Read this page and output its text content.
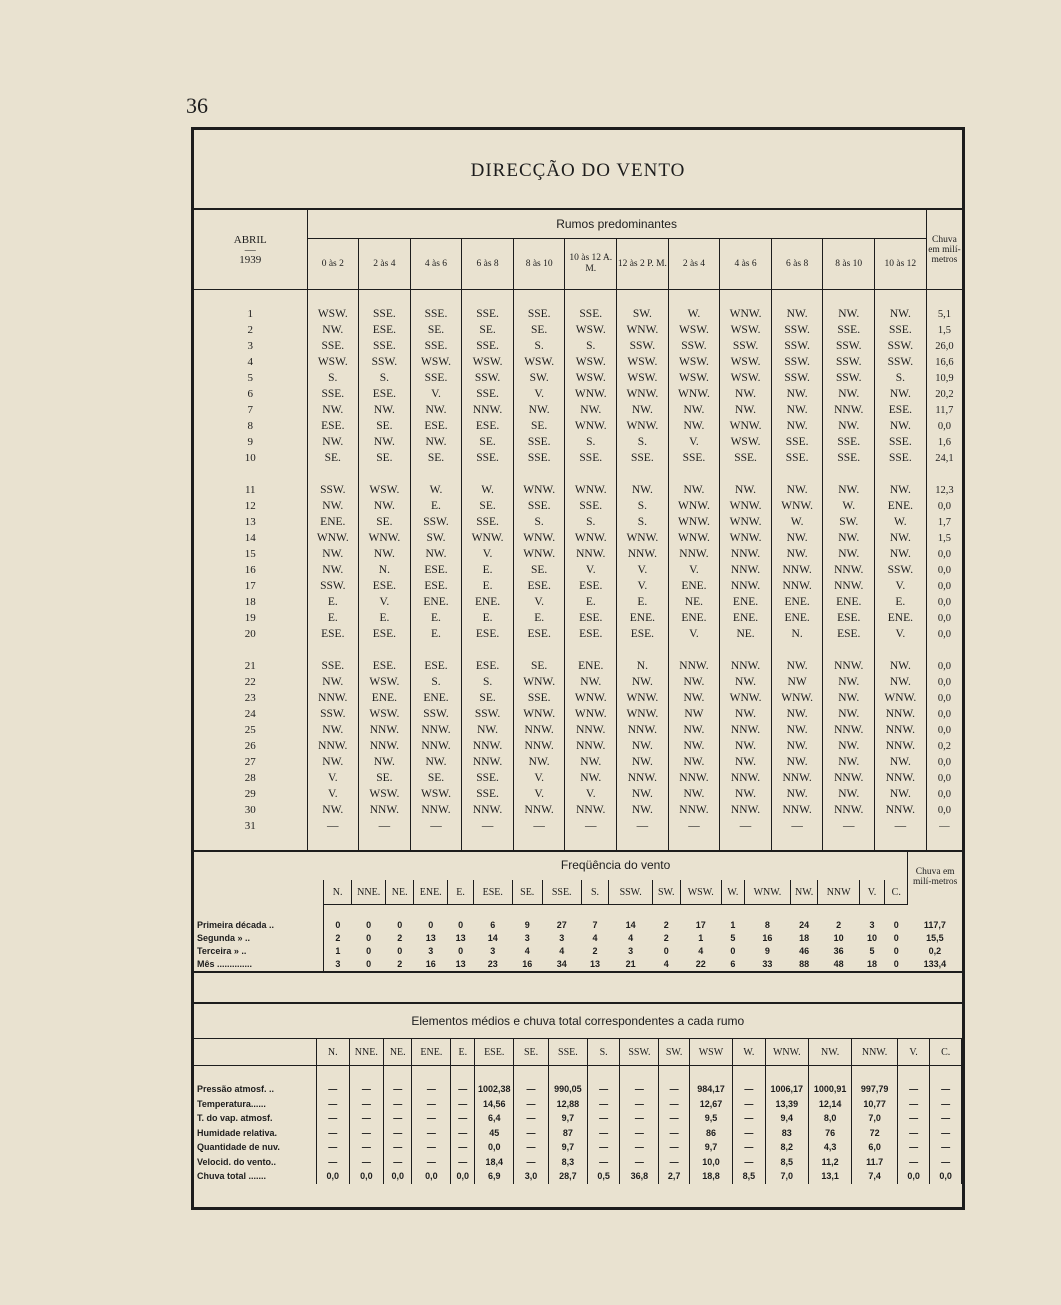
36
DIRECÇÃO DO VENTO
ABRIL
—
1939	Rumos predominantes												Chuva em milí-metros
	0 às 2	2 às 4	4 às 6	6 às 8	8 às 10	10 às 12 A. M.	12 às 2 P. M.	2 às 4	4 às 6	6 às 8	8 às 10	10 às 12	

1	WSW.	SSE.	SSE.	SSE.	SSE.	SSE.	SW.	W.	WNW.	NW.	NW.	NW.	5,1
2	NW.	ESE.	SE.	SE.	SE.	WSW.	WNW.	WSW.	WSW.	SSW.	SSE.	SSE.	1,5
3	SSE.	SSE.	SSE.	SSE.	S.	S.	SSW.	SSW.	SSW.	SSW.	SSW.	SSW.	26,0
4	WSW.	SSW.	WSW.	WSW.	WSW.	WSW.	WSW.	WSW.	WSW.	SSW.	SSW.	SSW.	16,6
5	S.	S.	SSE.	SSW.	SW.	WSW.	WSW.	WSW.	WSW.	SSW.	SSW.	S.	10,9
6	SSE.	ESE.	V.	SSE.	V.	WNW.	WNW.	WNW.	NW.	NW.	NW.	NW.	20,2
7	NW.	NW.	NW.	NNW.	NW.	NW.	NW.	NW.	NW.	NW.	NNW.	ESE.	11,7
8	ESE.	SE.	ESE.	ESE.	SE.	WNW.	WNW.	NW.	WNW.	NW.	NW.	NW.	0,0
9	NW.	NW.	NW.	SE.	SSE.	S.	S.	V.	WSW.	SSE.	SSE.	SSE.	1,6
10	SE.	SE.	SE.	SSE.	SSE.	SSE.	SSE.	SSE.	SSE.	SSE.	SSE.	SSE.	24,1

11	SSW.	WSW.	W.	W.	WNW.	WNW.	NW.	NW.	NW.	NW.	NW.	NW.	12,3
12	NW.	NW.	E.	SE.	SSE.	SSE.	S.	WNW.	WNW.	WNW.	W.	ENE.	0,0
13	ENE.	SE.	SSW.	SSE.	S.	S.	S.	WNW.	WNW.	W.	SW.	W.	1,7
14	WNW.	WNW.	SW.	WNW.	WNW.	WNW.	WNW.	WNW.	WNW.	NW.	NW.	NW.	1,5
15	NW.	NW.	NW.	V.	WNW.	NNW.	NNW.	NNW.	NNW.	NW.	NW.	NW.	0,0
16	NW.	N.	ESE.	E.	SE.	V.	V.	V.	NNW.	NNW.	NNW.	SSW.	0,0
17	SSW.	ESE.	ESE.	E.	ESE.	ESE.	V.	ENE.	NNW.	NNW.	NNW.	V.	0,0
18	E.	V.	ENE.	ENE.	V.	E.	E.	NE.	ENE.	ENE.	ENE.	E.	0,0
19	E.	E.	E.	E.	E.	ESE.	ENE.	ENE.	ENE.	ENE.	ESE.	ENE.	0,0
20	ESE.	ESE.	E.	ESE.	ESE.	ESE.	ESE.	V.	NE.	N.	ESE.	V.	0,0

21	SSE.	ESE.	ESE.	ESE.	SE.	ENE.	N.	NNW.	NNW.	NW.	NNW.	NW.	0,0
22	NW.	WSW.	S.	S.	WNW.	NW.	NW.	NW.	NW.	NW	NW.	NW.	0,0
23	NNW.	ENE.	ENE.	SE.	SSE.	WNW.	WNW.	NW.	WNW.	WNW.	NW.	WNW.	0,0
24	SSW.	WSW.	SSW.	SSW.	WNW.	WNW.	WNW.	NW	NW.	NW.	NW.	NNW.	0,0
25	NW.	NNW.	NNW.	NW.	NNW.	NNW.	NNW.	NW.	NNW.	NW.	NNW.	NNW.	0,0
26	NNW.	NNW.	NNW.	NNW.	NNW.	NNW.	NW.	NW.	NW.	NW.	NW.	NNW.	0,2
27	NW.	NW.	NW.	NNW.	NW.	NW.	NW.	NW.	NW.	NW.	NW.	NW.	0,0
28	V.	SE.	SE.	SSE.	V.	NW.	NNW.	NNW.	NNW.	NNW.	NNW.	NNW.	0,0
29	V.	WSW.	WSW.	SSE.	V.	V.	NW.	NW.	NW.	NW.	NW.	NW.	0,0
30	NW.	NNW.	NNW.	NNW.	NNW.	NNW.	NW.	NNW.	NNW.	NNW.	NNW.	NNW.	0,0
31	—	—	—	—	—	—	—	—	—	—	—	—	—

	Freqüência do vento																		Chuva em milí-metros
	N.	NNE.	NE.	ENE.	E.	ESE.	SE.	SSE.	S.	SSW.	SW.	WSW.	W.	WNW.	NW.	NNW	V.	C.	

Primeira década ..	0	0	0	0	0	6	9	27	7	14	2	17	1	8	24	2	3	0	117,7
Segunda » ..	2	0	2	13	13	14	3	3	4	4	2	1	5	16	18	10	10	0	15,5
Terceira » ..	1	0	0	3	0	3	4	4	2	3	0	4	0	9	46	36	5	0	0,2
Mês ..............	3	0	2	16	13	23	16	34	13	21	4	22	6	33	88	48	18	0	133,4
Elementos médios e chuva total correspondentes a cada rumo																		
	N.	NNE.	NE.	ENE.	E.	ESE.	SE.	SSE.	S.	SSW.	SW.	WSW	W.	WNW.	NW.	NNW.	V.	C.

Pressão atmosf. ..	—	—	—	—	—	1002,38	—	990,05	—	—	—	984,17	—	1006,17	1000,91	997,79	—	—
Temperatura......	—	—	—	—	—	14,56	—	12,88	—	—	—	12,67	—	13,39	12,14	10,77	—	—
T. do vap. atmosf.	—	—	—	—	—	6,4	—	9,7	—	—	—	9,5	—	9,4	8,0	7,0	—	—
Humidade relativa.	—	—	—	—	—	45	—	87	—	—	—	86	—	83	76	72	—	—
Quantidade de nuv.	—	—	—	—	—	0,0	—	9,7	—	—	—	9,7	—	8,2	4,3	6,0	—	—
Velocid. do vento..	—	—	—	—	—	18,4	—	8,3	—	—	—	10,0	—	8,5	11,2	11.7	—	—
Chuva total .......	0,0	0,0	0,0	0,0	0,0	6,9	3,0	28,7	0,5	36,8	2,7	18,8	8,5	7,0	13,1	7,4	0,0	0,0
